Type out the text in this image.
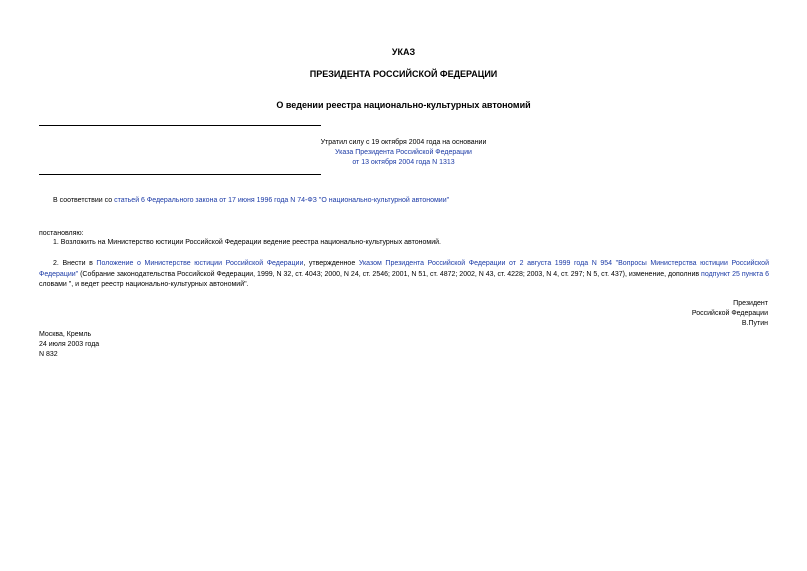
УКАЗ
ПРЕЗИДЕНТА РОССИЙСКОЙ ФЕДЕРАЦИИ
О ведении реестра национально-культурных автономий
Утратил силу с 19 октября 2004 года на основании
Указа Президента Российской Федерации
от 13 октября 2004 года N 1313
В соответствии со статьей 6 Федерального закона от 17 июня 1996 года N 74-ФЗ "О национально-культурной автономии"
постановляю:
1. Возложить на Министерство юстиции Российской Федерации ведение реестра национально-культурных автономий.
2. Внести в Положение о Министерстве юстиции Российской Федерации, утвержденное Указом Президента Российской Федерации от 2 августа 1999 года N 954 "Вопросы Министерства юстиции Российской Федерации" (Собрание законодательства Российской Федерации, 1999, N 32, ст. 4043; 2000, N 24, ст. 2546; 2001, N 51, ст. 4872; 2002, N 43, ст. 4228; 2003, N 4, ст. 297; N 5, ст. 437), изменение, дополнив подпункт 25 пункта 6 словами ", и ведет реестр национально-культурных автономий".
Президент
Российской Федерации
В.Путин
Москва, Кремль
24 июля 2003 года
N 832
